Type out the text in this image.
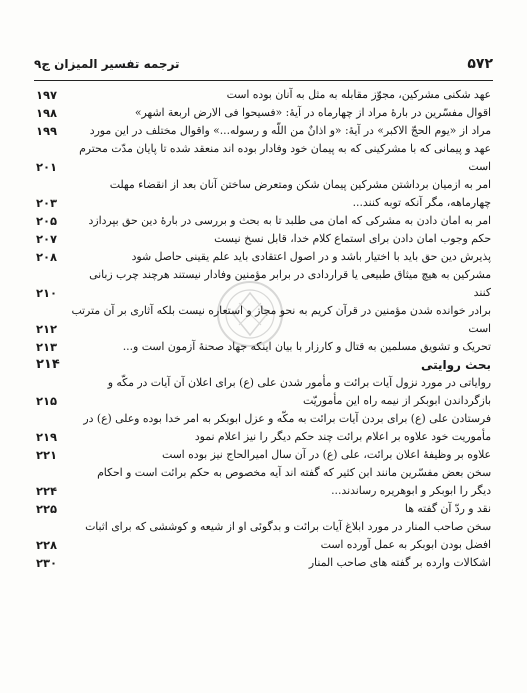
۵۷۲
ترجمه تفسیر المیزان ج۹
عهد شکنی مشرکین، مجوّز مقابله به مثل به آنان بوده است
۱۹۷
اقوال مفسّرین در بارهٔ مراد از چهارماه در آیهٔ: «فسیحوا فی الارض اربعة اشهر»
۱۹۸
مراد از «یوم الحجّ الاکبر» در آیهٔ: «و اذانٌ من اللّه و رسوله...» واقوال مختلف در این مورد
۱۹۹
عهد و پیمانی که با مشرکینی که به پیمان خود وفادار بوده اند منعقد شده تا پایان مدّت محترم
است
۲۰۱
امر به ازمیان برداشتن مشرکین پیمان شکن ومتعرض ساختن آنان بعد از انقضاء مهلت
چهارماهه، مگر آنکه توبه کنند...
۲۰۳
امر به امان دادن به مشرکی که امان می طلبد تا به بحث و بررسی در بارهٔ دین حق بپردازد
۲۰۵
حکم وجوب امان دادن برای استماع کلام خدا، قابل نسخ نیست
۲۰۷
پذیرش دین حق باید با اختیار باشد و در اصول اعتقادی باید علم یقینی حاصل شود
۲۰۸
مشرکین به هیچ میثاق طبیعی یا قراردادی در برابر مؤمنین وفادار نیستند هرچند چرب زبانی
کنند
۲۱۰
برادر خوانده شدن مؤمنین در قرآن کریم به نحو مجاز و استعاره نیست بلکه آثاری بر آن مترتب
است
۲۱۲
تحریک و تشویق مسلمین به قتال و کارزار با بیان اینکه جهاد صحنهٔ آزمون است و...
۲۱۳
بحث روایتی
۲۱۴
روایاتی در مورد نزول آیات برائت و مأمور شدن علی (ع) برای اعلان آن آیات در مکّه و
بازگرداندن ابوبکر از نیمه راه این مأموریّت
۲۱۵
فرستادن علی (ع) برای بردن آیات برائت به مکّه و عزل ابوبکر به امر خدا بوده وعلی (ع) در
مأموریت خود علاوه بر اعلام برائت چند حکم دیگر را نیز اعلام نمود
۲۱۹
علاوه بر وظیفهٔ اعلان برائت، علی (ع) در آن سال امیرالحاج نیز بوده است
۲۲۱
سخن بعض مفسّرین مانند ابن کثیر که گفته اند آیه مخصوص به حکم برائت است و احکام
دیگر را ابوبکر و ابوهریره رساندند...
۲۲۴
نقد و ردّ آن گفته ها
۲۲۵
سخن صاحب المنار در مورد ابلاغ آیات برائت و بدگوئی او از شیعه و کوششی که برای اثبات
افضل بودن ابوبکر به عمل آورده است
۲۲۸
اشکالات وارده بر گفته های صاحب المنار
۲۳۰
